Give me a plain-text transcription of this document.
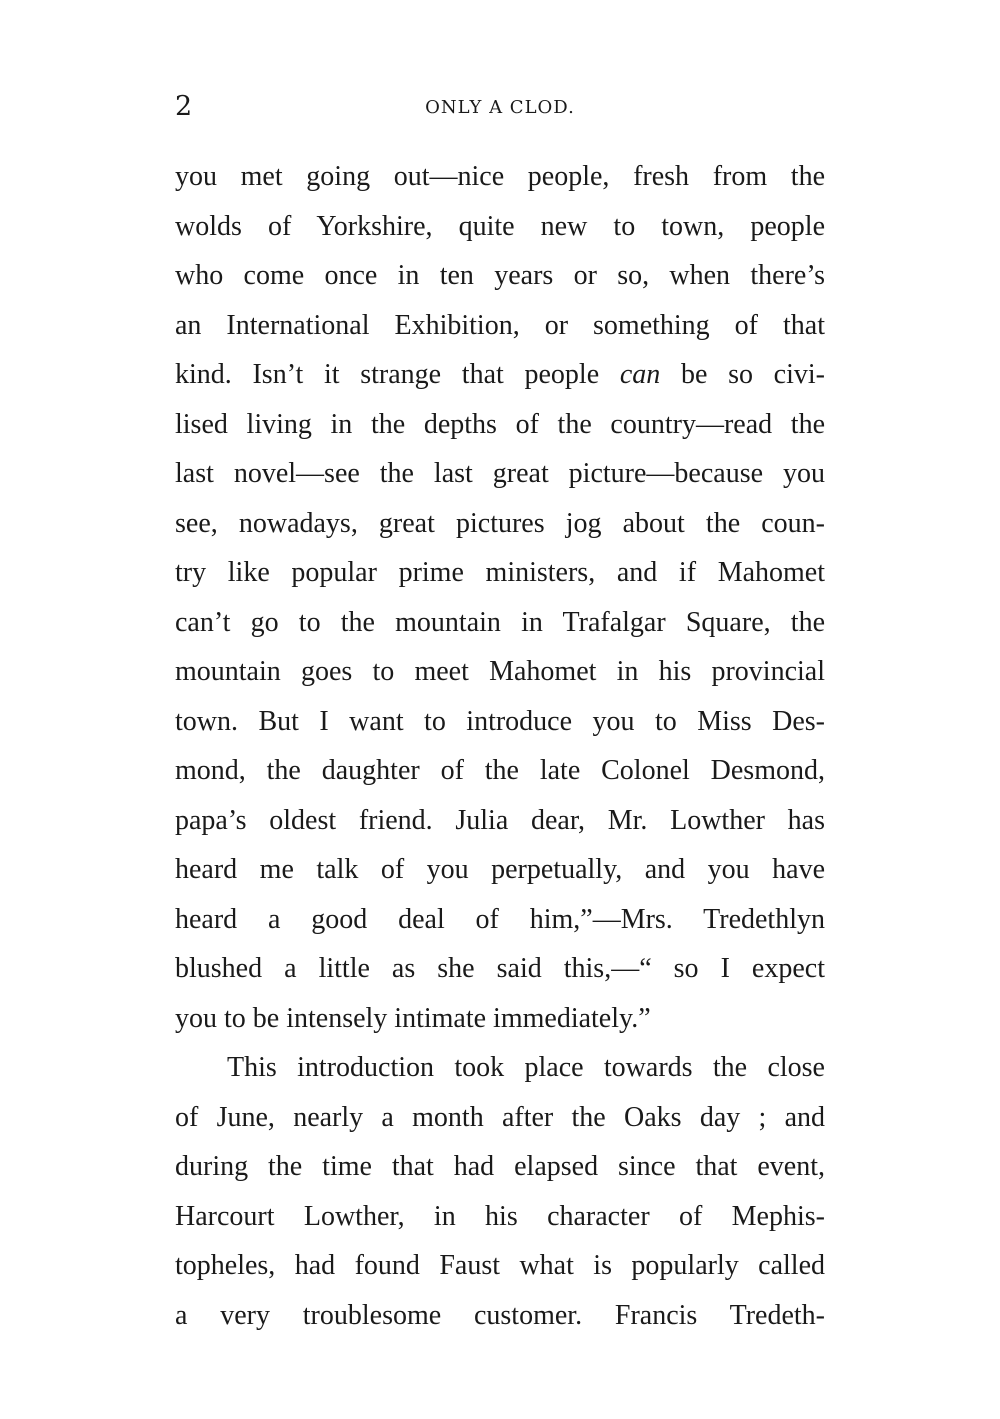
2	ONLY A CLOD.
you met going out—nice people, fresh from the
wolds of Yorkshire, quite new to town, people
who come once in ten years or so, when there’s
an International Exhibition, or something of that
kind. Isn’t it strange that people can be so civi-
lised living in the depths of the country—read the
last novel—see the last great picture—because you
see, nowadays, great pictures jog about the coun-
try like popular prime ministers, and if Mahomet
can’t go to the mountain in Trafalgar Square, the
mountain goes to meet Mahomet in his provincial
town. But I want to introduce you to Miss Des-
mond, the daughter of the late Colonel Desmond,
papa’s oldest friend. Julia dear, Mr. Lowther has
heard me talk of you perpetually, and you have
heard a good deal of him,”—Mrs. Tredethlyn
blushed a little as she said this,—“ so I expect
you to be intensely intimate immediately.”
This introduction took place towards the close
of June, nearly a month after the Oaks day ; and
during the time that had elapsed since that event,
Harcourt Lowther, in his character of Mephis-
topheles, had found Faust what is popularly called
a very troublesome customer. Francis Tredeth-
